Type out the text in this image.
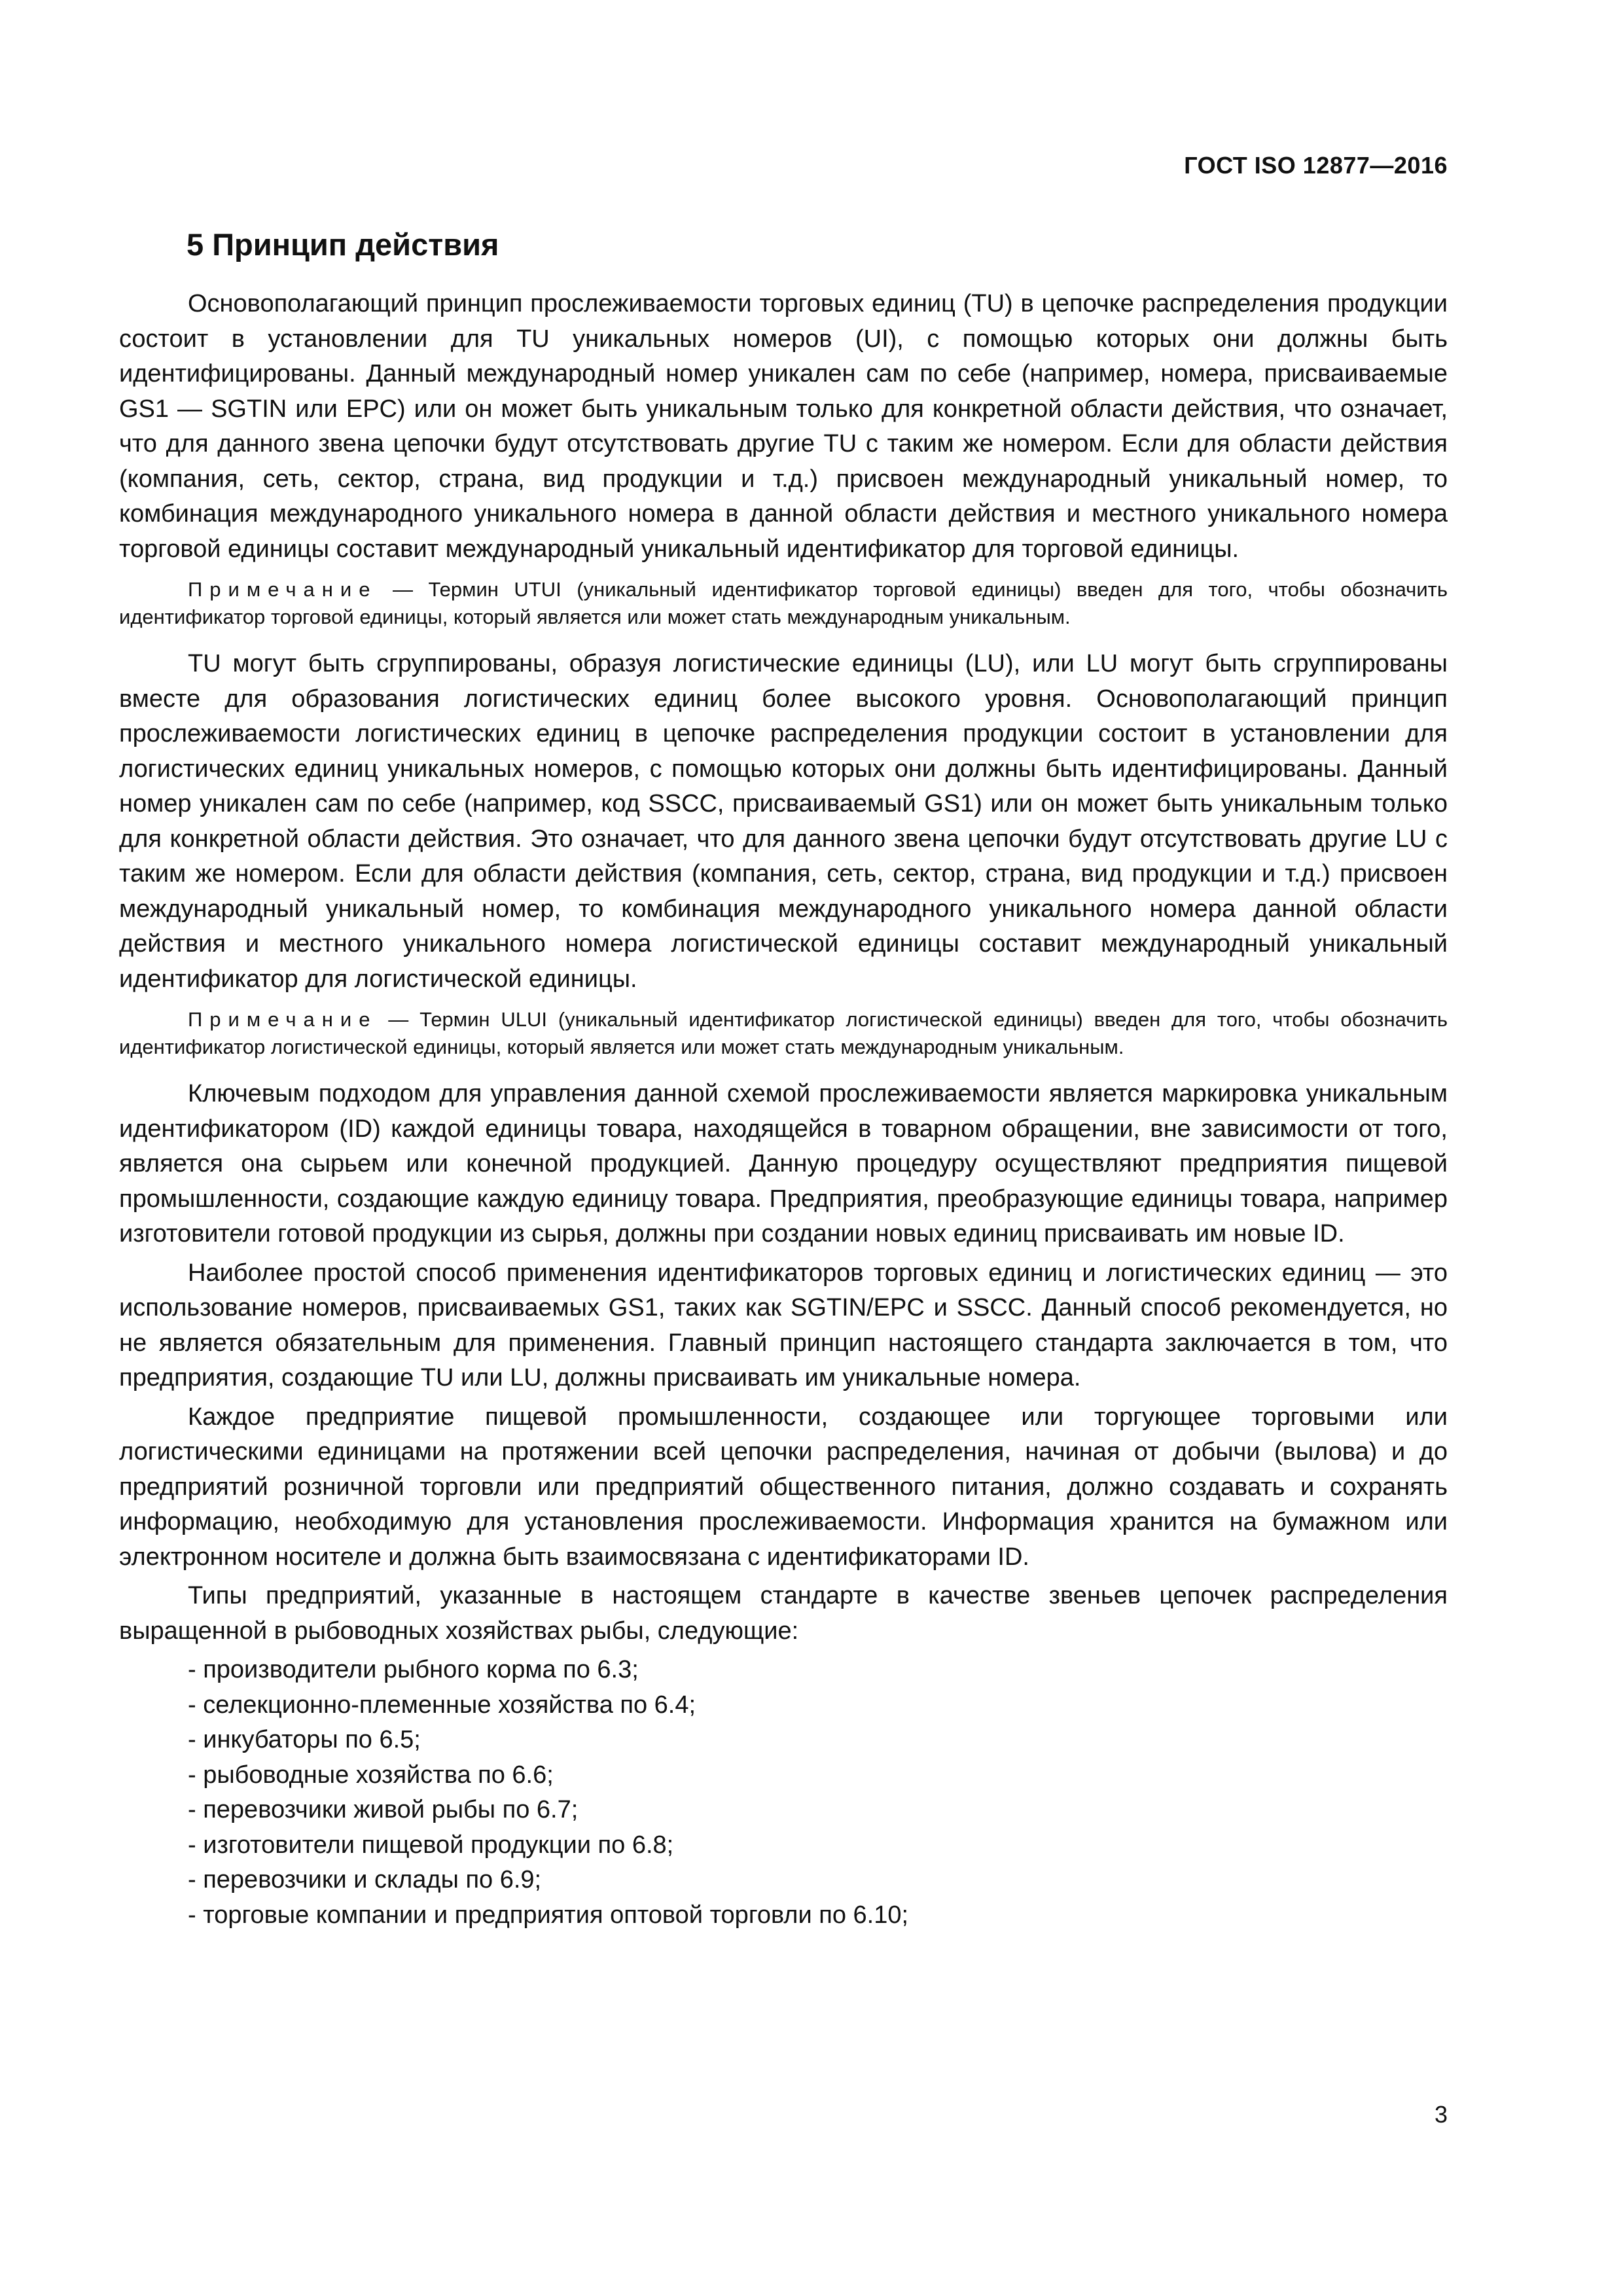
ГОСТ ISO 12877—2016
5 Принцип действия

Основополагающий принцип прослеживаемости торговых единиц (TU) в цепочке распределения продукции состоит в установлении для TU уникальных номеров (UI), с помощью которых они должны быть идентифицированы. Данный международный номер уникален сам по себе (например, номера, присваиваемые GS1 — SGTIN или EPC) или он может быть уникальным только для конкретной области действия, что означает, что для данного звена цепочки будут отсутствовать другие TU с таким же номером. Если для области действия (компания, сеть, сектор, страна, вид продукции и т.д.) присвоен международный уникальный номер, то комбинация международного уникального номера в данной области действия и местного уникального номера торговой единицы составит международный уникальный идентификатор для торговой единицы.

Примечание — Термин UTUI (уникальный идентификатор торговой единицы) введен для того, чтобы обозначить идентификатор торговой единицы, который является или может стать международным уникальным.

TU могут быть сгруппированы, образуя логистические единицы (LU), или LU могут быть сгруппированы вместе для образования логистических единиц более высокого уровня. Основополагающий принцип прослеживаемости логистических единиц в цепочке распределения продукции состоит в установлении для логистических единиц уникальных номеров, с помощью которых они должны быть идентифицированы. Данный номер уникален сам по себе (например, код SSCC, присваиваемый GS1) или он может быть уникальным только для конкретной области действия. Это означает, что для данного звена цепочки будут отсутствовать другие LU с таким же номером. Если для области действия (компания, сеть, сектор, страна, вид продукции и т.д.) присвоен международный уникальный номер, то комбинация международного уникального номера данной области действия и местного уникального номера логистической единицы составит международный уникальный идентификатор для логистической единицы.

Примечание — Термин ULUI (уникальный идентификатор логистической единицы) введен для того, чтобы обозначить идентификатор логистической единицы, который является или может стать международным уникальным.

Ключевым подходом для управления данной схемой прослеживаемости является маркировка уникальным идентификатором (ID) каждой единицы товара, находящейся в товарном обращении, вне зависимости от того, является она сырьем или конечной продукцией. Данную процедуру осуществляют предприятия пищевой промышленности, создающие каждую единицу товара. Предприятия, преобразующие единицы товара, например изготовители готовой продукции из сырья, должны при создании новых единиц присваивать им новые ID.

Наиболее простой способ применения идентификаторов торговых единиц и логистических единиц — это использование номеров, присваиваемых GS1, таких как SGTIN/EPC и SSCC. Данный способ рекомендуется, но не является обязательным для применения. Главный принцип настоящего стандарта заключается в том, что предприятия, создающие TU или LU, должны присваивать им уникальные номера.

Каждое предприятие пищевой промышленности, создающее или торгующее торговыми или логистическими единицами на протяжении всей цепочки распределения, начиная от добычи (вылова) и до предприятий розничной торговли или предприятий общественного питания, должно создавать и сохранять информацию, необходимую для установления прослеживаемости. Информация хранится на бумажном или электронном носителе и должна быть взаимосвязана с идентификаторами ID.

Типы предприятий, указанные в настоящем стандарте в качестве звеньев цепочек распределения выращенной в рыбоводных хозяйствах рыбы, следующие:

- производители рыбного корма по 6.3;
- селекционно-племенные хозяйства по 6.4;
- инкубаторы по 6.5;
- рыбоводные хозяйства по 6.6;
- перевозчики живой рыбы по 6.7;
- изготовители пищевой продукции по 6.8;
- перевозчики и склады по 6.9;
- торговые компании и предприятия оптовой торговли по 6.10;
3
